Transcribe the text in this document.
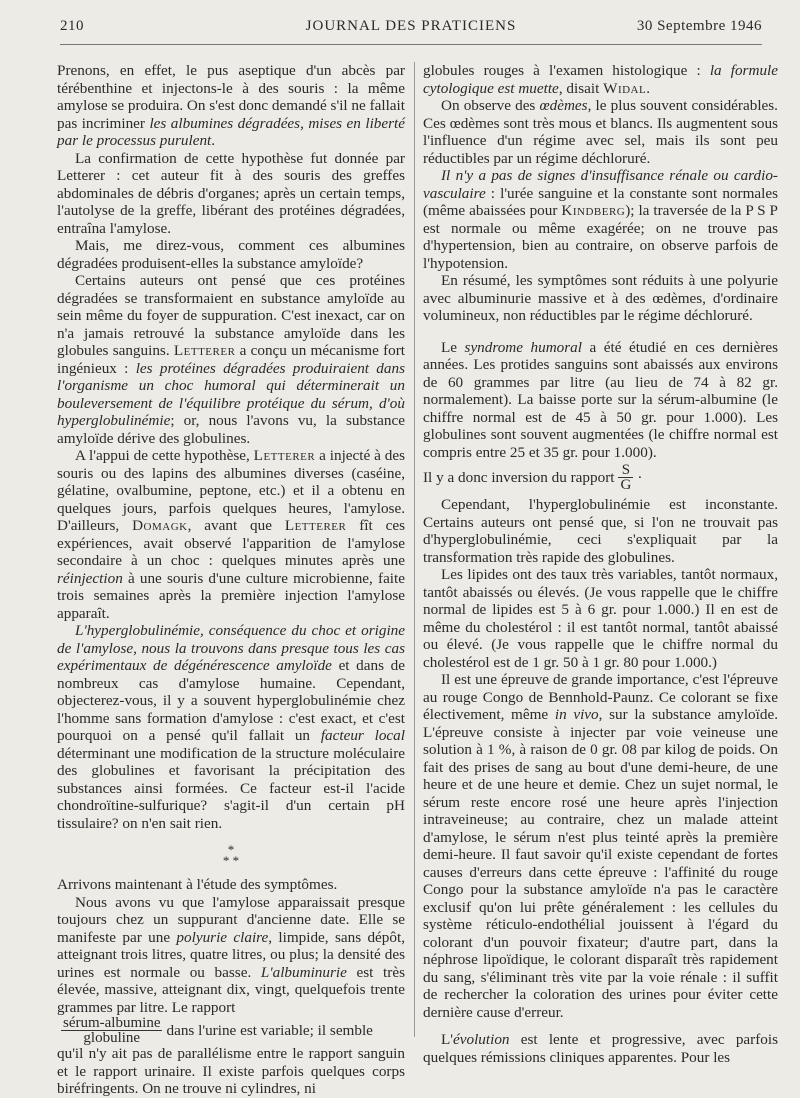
210	JOURNAL DES PRATICIENS	30 Septembre 1946

Prenons, en effet, le pus aseptique d'un abcès par térébenthine et injectons-le à des souris : la même amylose se produira. On s'est donc demandé s'il ne fallait pas incriminer les albumines dégradées, mises en liberté par le processus purulent.

La confirmation de cette hypothèse fut donnée par Letterer : cet auteur fit à des souris des greffes abdominales de débris d'organes; après un certain temps, l'autolyse de la greffe, libérant des protéines dégradées, entraîna l'amylose.

Mais, me direz-vous, comment ces albumines dégradées produisent-elles la substance amyloïde?

Certains auteurs ont pensé que ces protéines dégradées se transformaient en substance amyloïde au sein même du foyer de suppuration. C'est inexact, car on n'a jamais retrouvé la substance amyloïde dans les globules sanguins. Letterer a conçu un mécanisme fort ingénieux : les protéines dégradées produiraient dans l'organisme un choc humoral qui déterminerait un bouleversement de l'équilibre protéique du sérum, d'où hyperglobulinémie; or, nous l'avons vu, la substance amyloïde dérive des globulines.

A l'appui de cette hypothèse, Letterer a injecté à des souris ou des lapins des albumines diverses (caséine, gélatine, ovalbumine, peptone, etc.) et il a obtenu en quelques jours, parfois quelques heures, l'amylose. D'ailleurs, Domagk, avant que Letterer fît ces expériences, avait observé l'apparition de l'amylose secondaire à un choc : quelques minutes après une réinjection à une souris d'une culture microbienne, faite trois semaines après la première injection l'amylose apparaît.

L'hyperglobulinémie, conséquence du choc et origine de l'amylose, nous la trouvons dans presque tous les cas expérimentaux de dégénérescence amyloïde et dans de nombreux cas d'amylose humaine. Cependant, objecterez-vous, il y a souvent hyperglobulinémie chez l'homme sans formation d'amylose : c'est exact, et c'est pourquoi on a pensé qu'il fallait un facteur local déterminant une modification de la structure moléculaire des globulines et favorisant la précipitation des substances ainsi formées. Ce facteur est-il l'acide chondroïtine-sulfurique? s'agit-il d'un certain pH tissulaire? on n'en sait rien.

*
* *

Arrivons maintenant à l'étude des symptômes.

Nous avons vu que l'amylose apparaissait presque toujours chez un suppurant d'ancienne date. Elle se manifeste par une polyurie claire, limpide, sans dépôt, atteignant trois litres, quatre litres, ou plus; la densité des urines est normale ou basse. L'albuminurie est très élevée, massive, atteignant dix, vingt, quelquefois trente grammes par litre. Le rapport

$\frac{\text{sérum-albumine}}{\text{globuline}}$ dans l'urine est variable; il semble

qu'il n'y ait pas de parallélisme entre le rapport sanguin et le rapport urinaire. Il existe parfois quelques corps biréfringents. On ne trouve ni cylindres, ni

globules rouges à l'examen histologique : la formule cytologique est muette, disait Widal.

On observe des œdèmes, le plus souvent considérables. Ces œdèmes sont très mous et blancs. Ils augmentent sous l'influence d'un régime avec sel, mais ils sont peu réductibles par un régime déchloruré.

Il n'y a pas de signes d'insuffisance rénale ou cardio-vasculaire : l'urée sanguine et la constante sont normales (même abaissées pour Kindberg); la traversée de la P S P est normale ou même exagérée; on ne trouve pas d'hypertension, bien au contraire, on observe parfois de l'hypotension.

En résumé, les symptômes sont réduits à une polyurie avec albuminurie massive et à des œdèmes, d'ordinaire volumineux, non réductibles par le régime déchloruré.

Le syndrome humoral a été étudié en ces dernières années. Les protides sanguins sont abaissés aux environs de 60 grammes par litre (au lieu de 74 à 82 gr. normalement). La baisse porte sur la sérum-albumine (le chiffre normal est de 45 à 50 gr. pour 1.000). Les globulines sont souvent augmentées (le chiffre normal est compris entre 25 et 35 gr. pour 1.000).

Il y a donc inversion du rapport $\frac{S}{G}$ ·

Cependant, l'hyperglobulinémie est inconstante. Certains auteurs ont pensé que, si l'on ne trouvait pas d'hyperglobulinémie, ceci s'expliquait par la transformation très rapide des globulines.

Les lipides ont des taux très variables, tantôt normaux, tantôt abaissés ou élevés. (Je vous rappelle que le chiffre normal de lipides est 5 à 6 gr. pour 1.000.) Il en est de même du cholestérol : il est tantôt normal, tantôt abaissé ou élevé. (Je vous rappelle que le chiffre normal du cholestérol est de 1 gr. 50 à 1 gr. 80 pour 1.000.)

Il est une épreuve de grande importance, c'est l'épreuve au rouge Congo de Bennhold-Paunz. Ce colorant se fixe électivement, même in vivo, sur la substance amyloïde. L'épreuve consiste à injecter par voie veineuse une solution à 1 %, à raison de 0 gr. 08 par kilog de poids. On fait des prises de sang au bout d'une demi-heure, de une heure et de une heure et demie. Chez un sujet normal, le sérum reste encore rosé une heure après l'injection intraveineuse; au contraire, chez un malade atteint d'amylose, le sérum n'est plus teinté après la première demi-heure. Il faut savoir qu'il existe cependant de fortes causes d'erreurs dans cette épreuve : l'affinité du rouge Congo pour la substance amyloïde n'a pas le caractère exclusif qu'on lui prête généralement : les cellules du système réticulo-endothélial jouissent à l'égard du colorant d'un pouvoir fixateur; d'autre part, dans la néphrose lipoïdique, le colorant disparaît très rapidement du sang, s'éliminant très vite par la voie rénale : il suffit de rechercher la coloration des urines pour éviter cette dernière cause d'erreur.

L'évolution est lente et progressive, avec parfois quelques rémissions cliniques apparentes. Pour les
